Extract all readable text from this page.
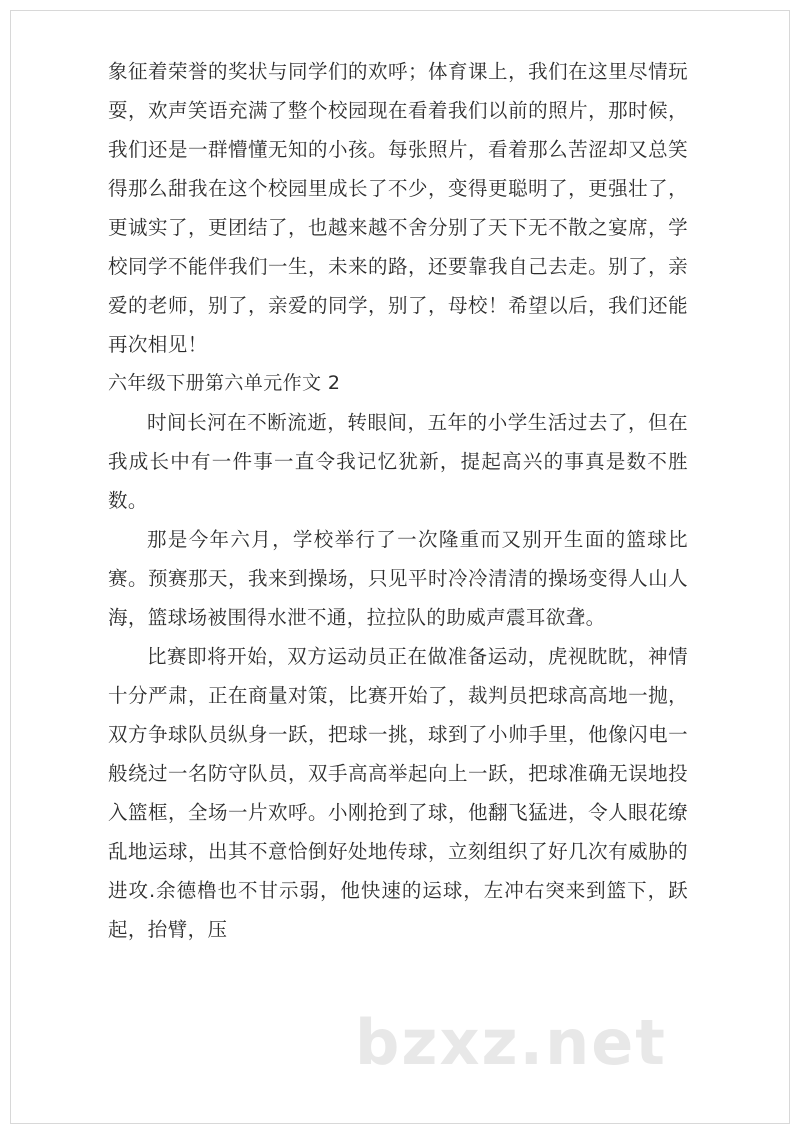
象征着荣誉的奖状与同学们的欢呼；体育课上，我们在这里尽情玩耍，欢声笑语充满了整个校园现在看着我们以前的照片，那时候，我们还是一群懵懂无知的小孩。每张照片，看着那么苦涩却又总笑得那么甜我在这个校园里成长了不少，变得更聪明了，更强壮了，更诚实了，更团结了，也越来越不舍分别了天下无不散之宴席，学校同学不能伴我们一生，未来的路，还要靠我自己去走。别了，亲爱的老师，别了，亲爱的同学，别了，母校！希望以后，我们还能再次相见！

六年级下册第六单元作文 2

时间长河在不断流逝，转眼间，五年的小学生活过去了，但在我成长中有一件事一直令我记忆犹新，提起高兴的事真是数不胜数。

那是今年六月，学校举行了一次隆重而又别开生面的篮球比赛。预赛那天，我来到操场，只见平时冷冷清清的操场变得人山人海，篮球场被围得水泄不通，拉拉队的助威声震耳欲聋。

比赛即将开始，双方运动员正在做准备运动，虎视眈眈，神情十分严肃，正在商量对策，比赛开始了，裁判员把球高高地一抛，双方争球队员纵身一跃，把球一挑，球到了小帅手里，他像闪电一般绕过一名防守队员，双手高高举起向上一跃，把球准确无误地投入篮框，全场一片欢呼。小刚抢到了球，他翻飞猛进，令人眼花缭乱地运球，出其不意恰倒好处地传球，立刻组织了好几次有威胁的进攻.余德橹也不甘示弱，他快速的运球，左冲右突来到篮下，跃起，抬臂，压

bzxz.net
